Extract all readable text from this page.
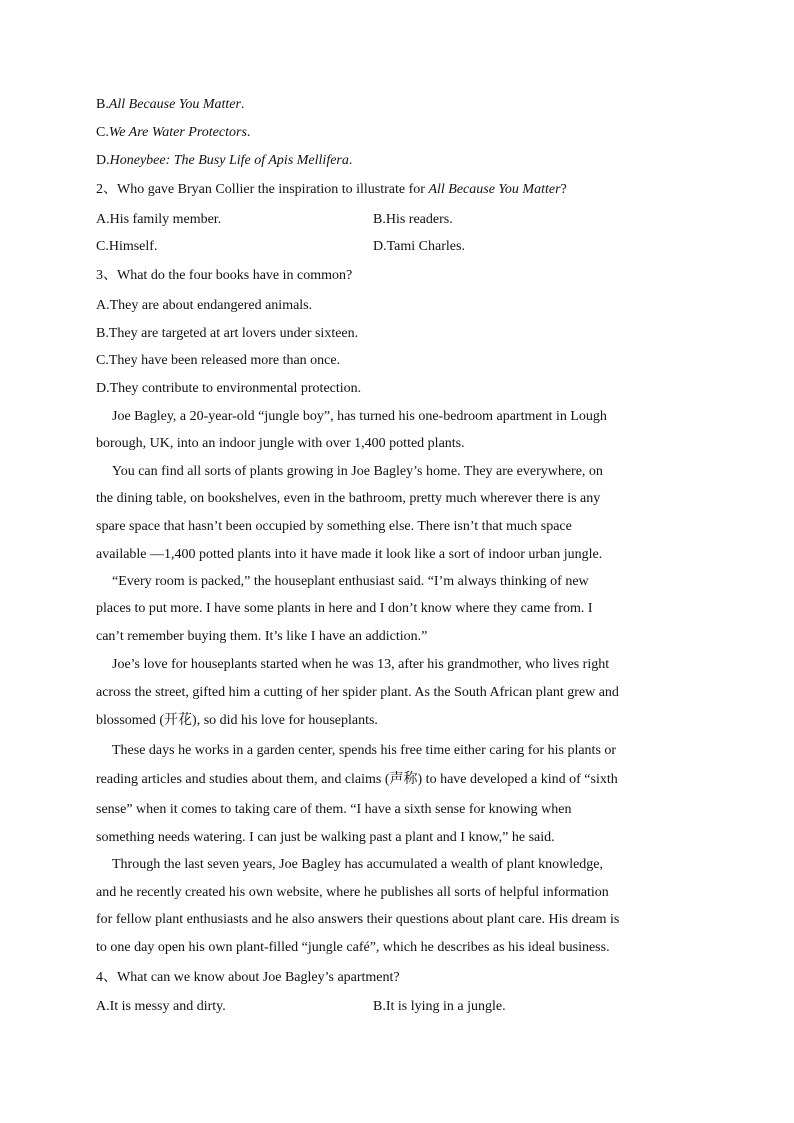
B.All Because You Matter.
C.We Are Water Protectors.
D.Honeybee: The Busy Life of Apis Mellifera.
2、Who gave Bryan Collier the inspiration to illustrate for All Because You Matter?
A.His family member.	B.His readers.
C.Himself.	D.Tami Charles.
3、What do the four books have in common?
A.They are about endangered animals.
B.They are targeted at art lovers under sixteen.
C.They have been released more than once.
D.They contribute to environmental protection.
Joe Bagley, a 20-year-old “jungle boy”, has turned his one-bedroom apartment in Lough
borough, UK, into an indoor jungle with over 1,400 potted plants.
You can find all sorts of plants growing in Joe Bagley’s home. They are everywhere, on
the dining table, on bookshelves, even in the bathroom, pretty much wherever there is any
spare space that hasn’t been occupied by something else. There isn’t that much space
available —1,400 potted plants into it have made it look like a sort of indoor urban jungle.
“Every room is packed,” the houseplant enthusiast said. “I’m always thinking of new
places to put more. I have some plants in here and I don’t know where they came from. I
can’t remember buying them. It’s like I have an addiction.”
Joe’s love for houseplants started when he was 13, after his grandmother, who lives right
across the street, gifted him a cutting of her spider plant. As the South African plant grew and
blossomed (开花), so did his love for houseplants.
These days he works in a garden center, spends his free time either caring for his plants or
reading articles and studies about them, and claims (声称) to have developed a kind of “sixth
sense” when it comes to taking care of them. “I have a sixth sense for knowing when
something needs watering. I can just be walking past a plant and I know,” he said.
Through the last seven years, Joe Bagley has accumulated a wealth of plant knowledge,
and he recently created his own website, where he publishes all sorts of helpful information
for fellow plant enthusiasts and he also answers their questions about plant care. His dream is
to one day open his own plant-filled “jungle café”, which he describes as his ideal business.
4、What can we know about Joe Bagley’s apartment?
A.It is messy and dirty.	B.It is lying in a jungle.
